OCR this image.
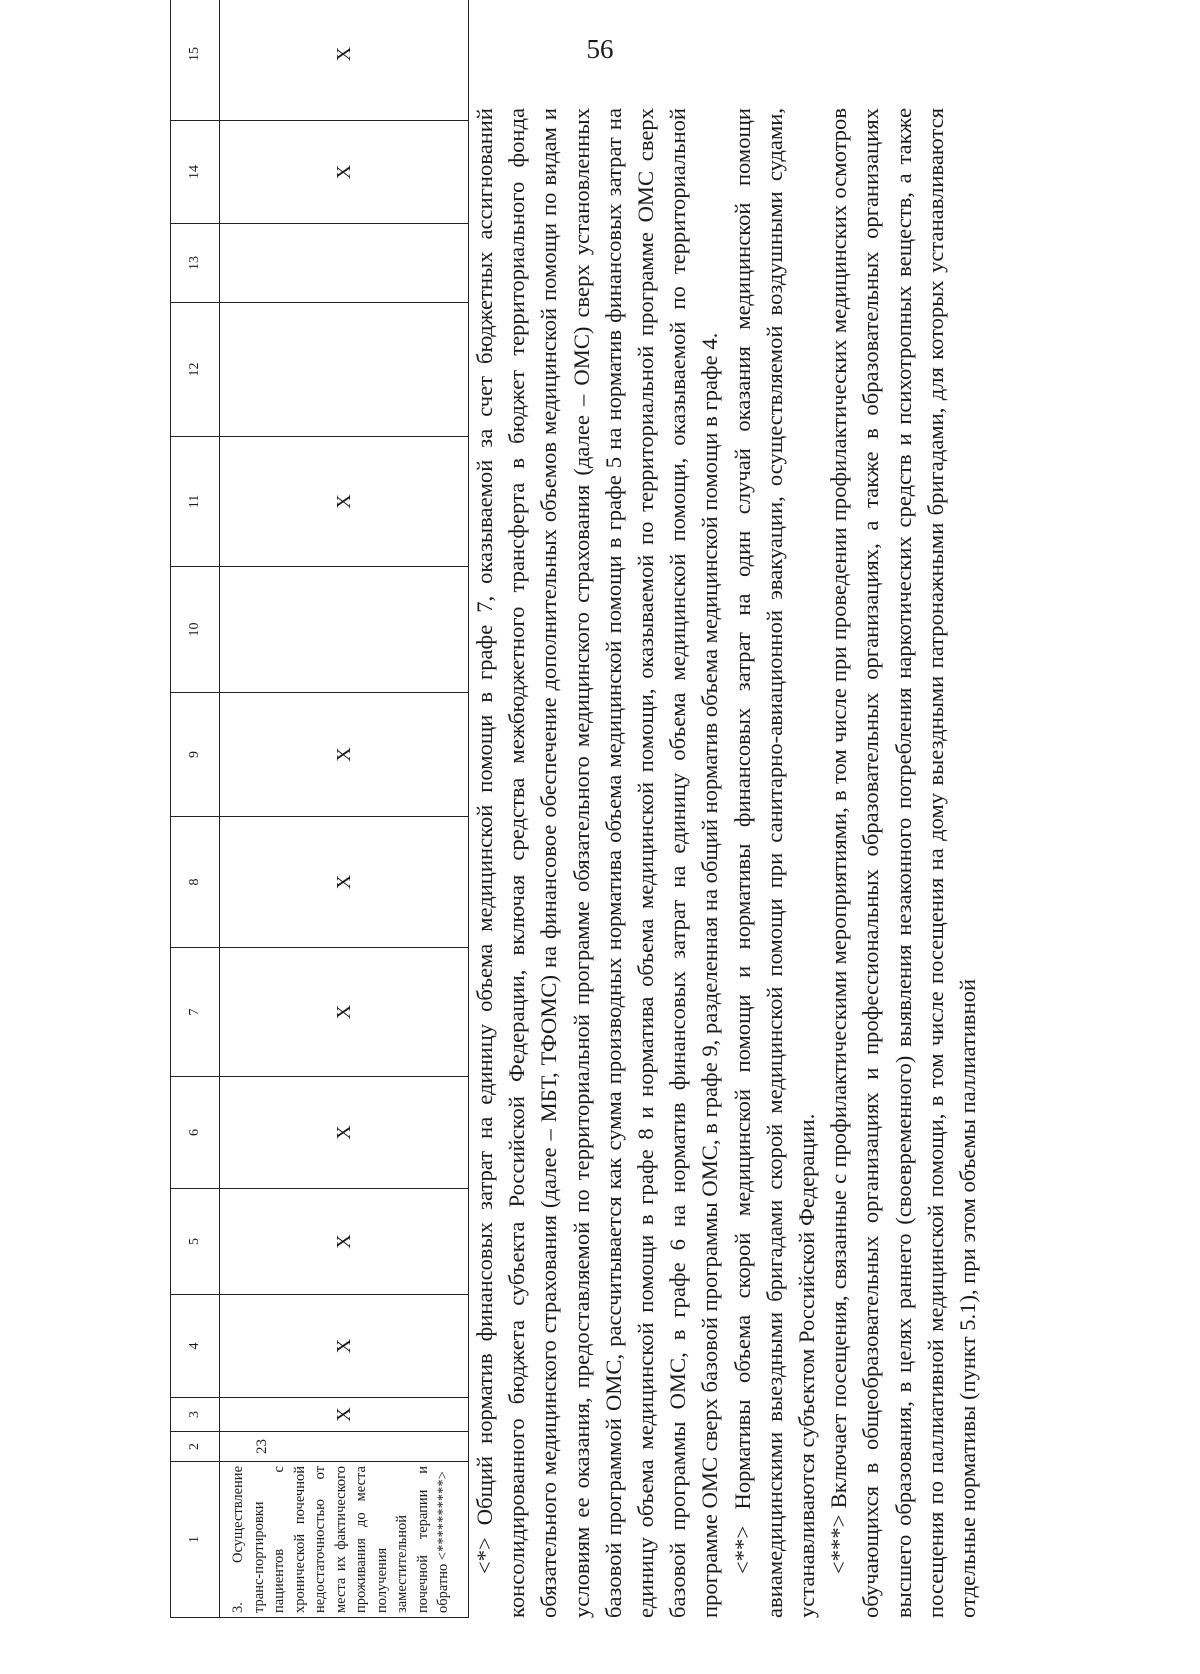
56
1	2	3	4	5	6	7	8	9	10	11	12	13	14	15
3. Осуществление транс-портировки пациентов с хронической почечной недостаточностью от места их фактического проживания до места получения заместительной почечной терапии и обратно <**********>	23	X	X	X	X	X	X	X		X			X	X

<*> Общий норматив финансовых затрат на единицу объема медицинской помощи в графе 7, оказываемой за счет бюджетных ассигнований консолидированного бюджета субъекта Российской Федерации, включая средства межбюджетного трансферта в бюджет территориального фонда обязательного медицинского страхования (далее – МБТ, ТФОМС) на финансовое обеспечение дополнительных объемов медицинской помощи по видам и условиям ее оказания, предоставляемой по территориальной программе обязательного медицинского страхования (далее – ОМС) сверх установленных базовой программой ОМС, рассчитывается как сумма производных норматива объема медицинской помощи в графе 5 на норматив финансовых затрат на единицу объема медицинской помощи в графе 8 и норматива объема медицинской помощи, оказываемой по территориальной программе ОМС сверх базовой программы ОМС, в графе 6 на норматив финансовых затрат на единицу объема медицинской помощи, оказываемой по территориальной программе ОМС сверх базовой программы ОМС, в графе 9, разделенная на общий норматив объема медицинской помощи в графе 4. <**> Нормативы объема скорой медицинской помощи и нормативы финансовых затрат на один случай оказания медицинской помощи авиамедицинскими выездными бригадами скорой медицинской помощи при санитарно-авиационной эвакуации, осуществляемой воздушными судами, устанавливаются субъектом Российской Федерации. <***> Включает посещения, связанные с профилактическими мероприятиями, в том числе при проведении профилактических медицинских осмотров обучающихся в общеобразовательных организациях и профессиональных образовательных организациях, а также в образовательных организациях высшего образования, в целях раннего (своевременного) выявления незаконного потребления наркотических средств и психотропных веществ, а также посещения по паллиативной медицинской помощи, в том числе посещения на дому выездными патронажными бригадами, для которых устанавливаются отдельные нормативы (пункт 5.1), при этом объемы паллиативной
